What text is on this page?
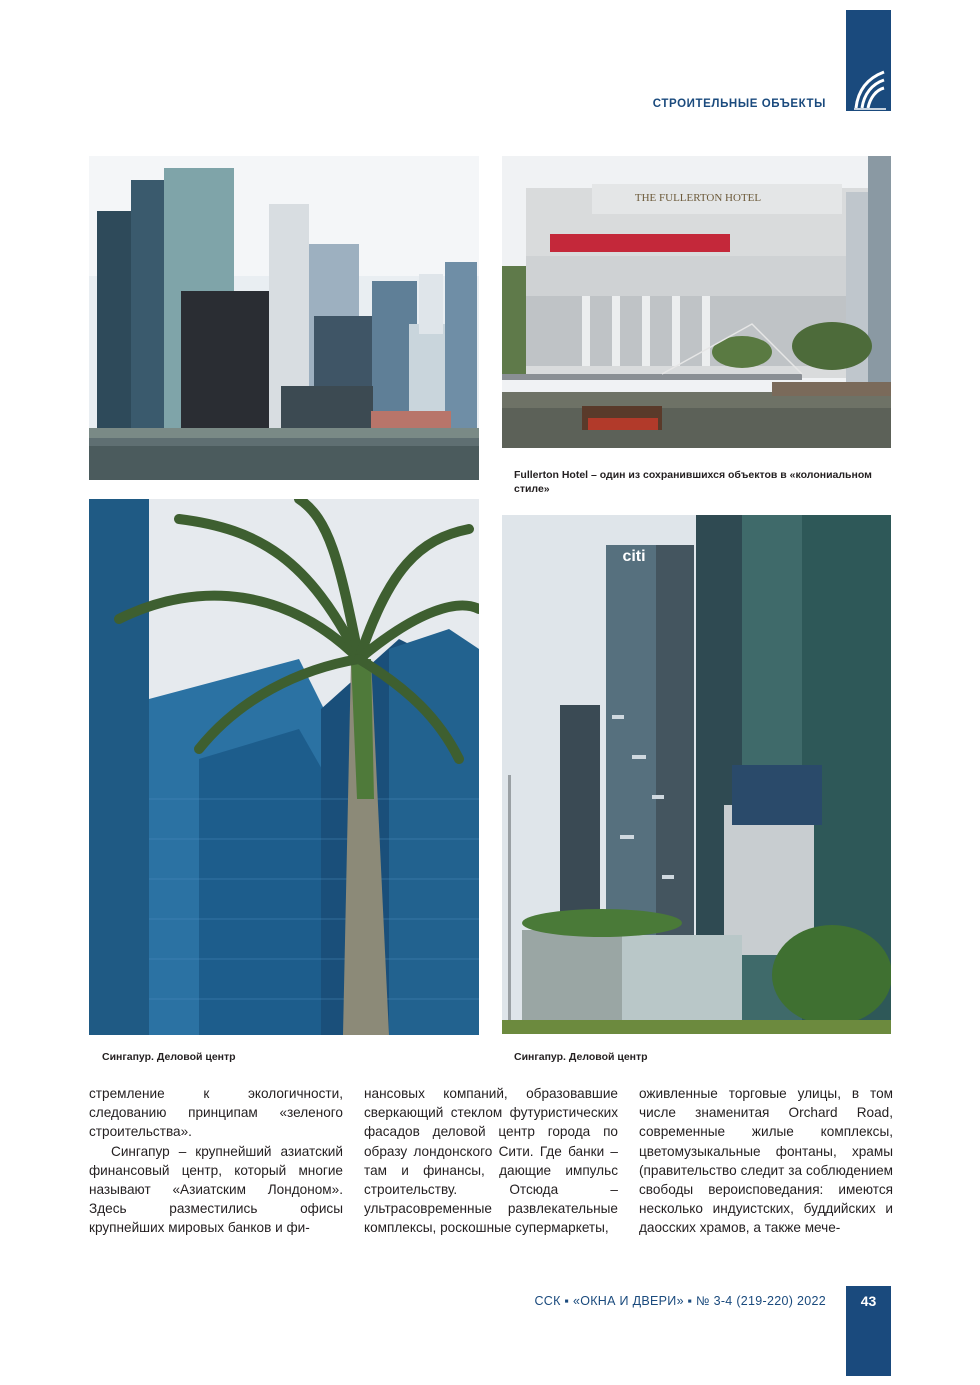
СТРОИТЕЛЬНЫЕ ОБЪЕКТЫ
THE FULLERTON HOTEL
Fullerton Hotel – один из сохранившихся объектов в «колониальном стиле»
Сингапур. Деловой центр
citi
Сингапур. Деловой центр

стремление к экологичности, следованию принципам «зеленого строительства».

Сингапур – крупнейший азиатский финансовый центр, который многие называют «Азиатским Лондоном». Здесь разместились офисы крупнейших мировых банков и фи-

нансовых компаний, образовавшие сверкающий стеклом футуристических фасадов деловой центр города по образу лондонского Сити. Где банки – там и финансы, дающие импульс строительству. Отсюда – ультрасовременные развлекательные комплексы, роскошные супермаркеты,

оживленные торговые улицы, в том числе знаменитая Orchard Road, современные жилые комплексы, цветомузыкальные фонтаны, храмы (правительство следит за соблюдением свободы вероисповедания: имеются несколько индуистских, буддийских и даосских храмов, а также мече-

ССК ▪ «ОКНА И ДВЕРИ» ▪ № 3-4 (219-220) 2022	43
